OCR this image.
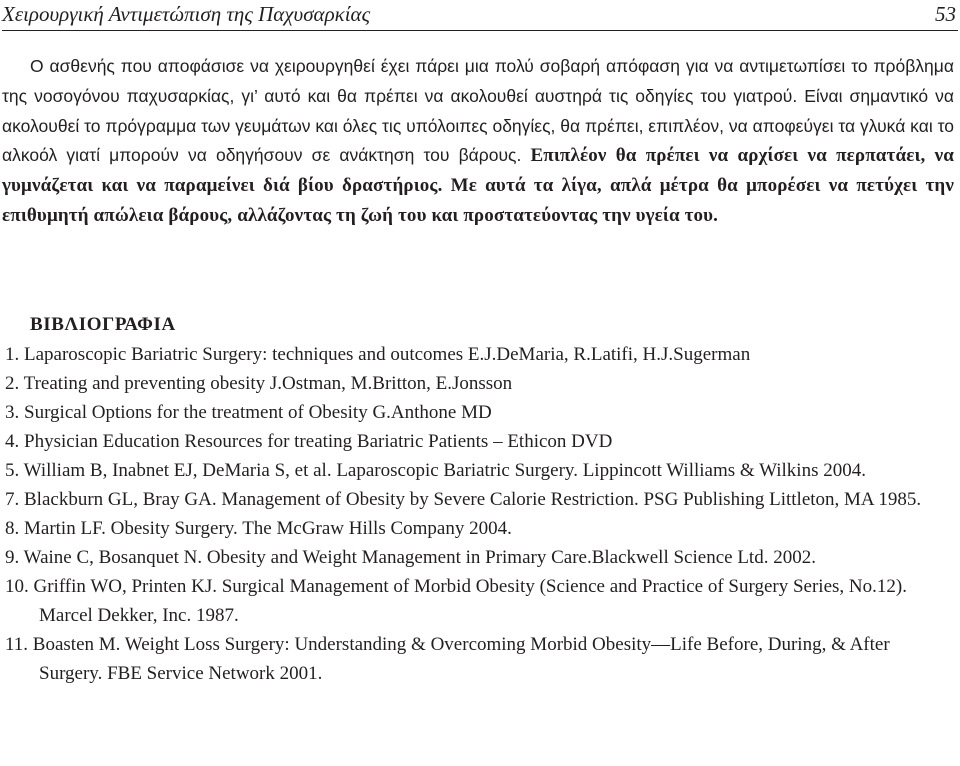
Χειρουργική Αντιμετώπιση της Παχυσαρκίας	53

Ο ασθενής που αποφάσισε να χειρουργηθεί έχει πάρει μια πολύ σοβαρή απόφαση για να αντιμετωπίσει το πρόβλημα της νοσογόνου παχυσαρκίας, γι’ αυτό και θα πρέπει να ακολουθεί αυστηρά τις οδηγίες του γιατρού. Είναι σημαντικό να ακολουθεί το πρόγραμμα των γευμάτων και όλες τις υπόλοιπες οδηγίες, θα πρέπει, επιπλέον, να αποφεύγει τα γλυκά και το αλκοόλ γιατί μπορούν να οδηγήσουν σε ανάκτηση του βάρους. Επιπλέον θα πρέπει να αρχίσει να περπατάει, να γυμνάζεται και να παραμείνει διά βίου δραστήριος. Με αυτά τα λίγα, απλά μέτρα θα μπορέσει να πετύχει την επιθυμητή απώλεια βάρους, αλλάζοντας τη ζωή του και προστατεύοντας την υγεία του.

ΒΙΒΛΙΟΓΡΑΦΙΑ
1. Laparoscopic Bariatric Surgery: techniques and outcomes E.J.DeMaria, R.Latifi, H.J.Sugerman
2. Treating and preventing obesity J.Ostman, M.Britton, E.Jonsson
3. Surgical Options for the treatment of Obesity G.Anthone MD
4. Physician Education Resources for treating Bariatric Patients – Ethicon DVD
5. William B, Inabnet EJ, DeMaria S, et al. Laparoscopic Bariatric Surgery. Lippincott Williams & Wilkins 2004.
7. Blackburn GL, Bray GA. Management of Obesity by Severe Calorie Restriction. PSG Publishing Littleton, MA 1985.
8. Martin LF. Obesity Surgery. The McGraw Hills Company 2004.
9. Waine C, Bosanquet N. Obesity and Weight Management in Primary Care.Blackwell Science Ltd. 2002.
10. Griffin WO, Printen KJ. Surgical Management of Morbid Obesity (Science and Practice of Surgery Series, No.12). Marcel Dekker, Inc. 1987.
11. Boasten M. Weight Loss Surgery: Understanding & Overcoming Morbid Obesity—Life Before, During, & After Surgery. FBE Service Network 2001.
